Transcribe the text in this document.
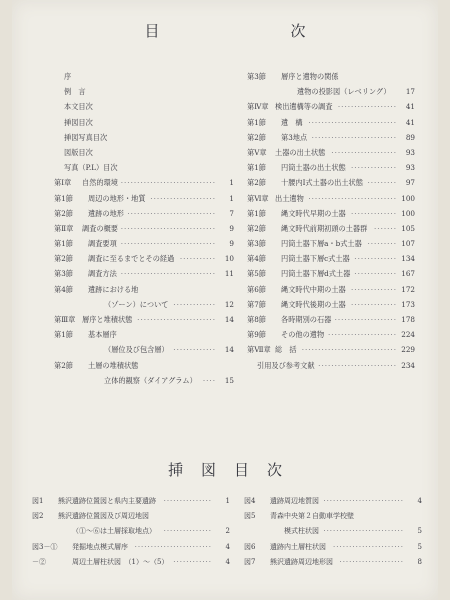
目　次
序
例　言
本文目次
挿図目次
挿図写真目次
図版目次
写真（P.L）目次
第Ⅰ章 自然的環境 ·····························	1
第1節 周辺の地形・地質 ····················	1
第2節 遺跡の地形 ···························	7
第Ⅱ章 調査の概要 ·····························	9
第1節 調査要項 ·····························	9
第2節 調査に至るまでとその経過 ···········	10
第3節 調査方法 ·····························	11
第4節 遺跡における地
（ゾーン）について ·············	12
第Ⅲ章 層序と堆積状態 ························	14
第1節 基本層序
（層位及び包含層） ·············	14
第2節 土層の堆積状態
立体的観察（ダイアグラム） ····	15
第3節 層序と遺物の関係
遺物の投影図（レベリング）	17
第Ⅳ章 検出遺構等の調査 ··················	41
第1節 遺　構 ···························	41
第2節 第3地点 ··························	89
第Ⅴ章 土器の出土状態 ····················	93
第1節 円筒土器の出土状態 ··············	93
第2節 十腰内Ⅰ式土器の出土状態 ·········	97
第Ⅵ章 出土遺物 ··························· 100
第1節 縄文時代早期の土器 ·············· 100
第2節 縄文時代前期初頭の土器群 ······· 105
第3節 円筒土器下層a・b式土器 ········· 107
第4節 円筒土器下層c式土器 ············· 134
第5節 円筒土器下層d式土器 ············· 167
第6節 縄文時代中期の土器 ·············· 172
第7節 縄文時代後期の土器 ·············· 173
第8節 各時期別の石器 ··················· 178
第9節 その他の遺物 ····················· 224
第Ⅶ章 総　括 ····························· 229
引用及び参考文献 ························ 234
挿図目次
図1 熊沢遺跡位置図と県内主要遺跡 ···············	1
図2 熊沢遺跡位置図及び周辺地図
（①～⑥は土層採取地点） ···············	2
図3－① 発掘地点模式層序 ························	4
－②	周辺土層柱状図　（1）～（5） ············	4
図4 遺跡周辺地質図 ·························	4
図5 青森中央第２自動車学校壁
模式柱状図 ·························	5
図6 遺跡内土層柱状図 ······················	5
図7 熊沢遺跡周辺地形図 ····················	8
